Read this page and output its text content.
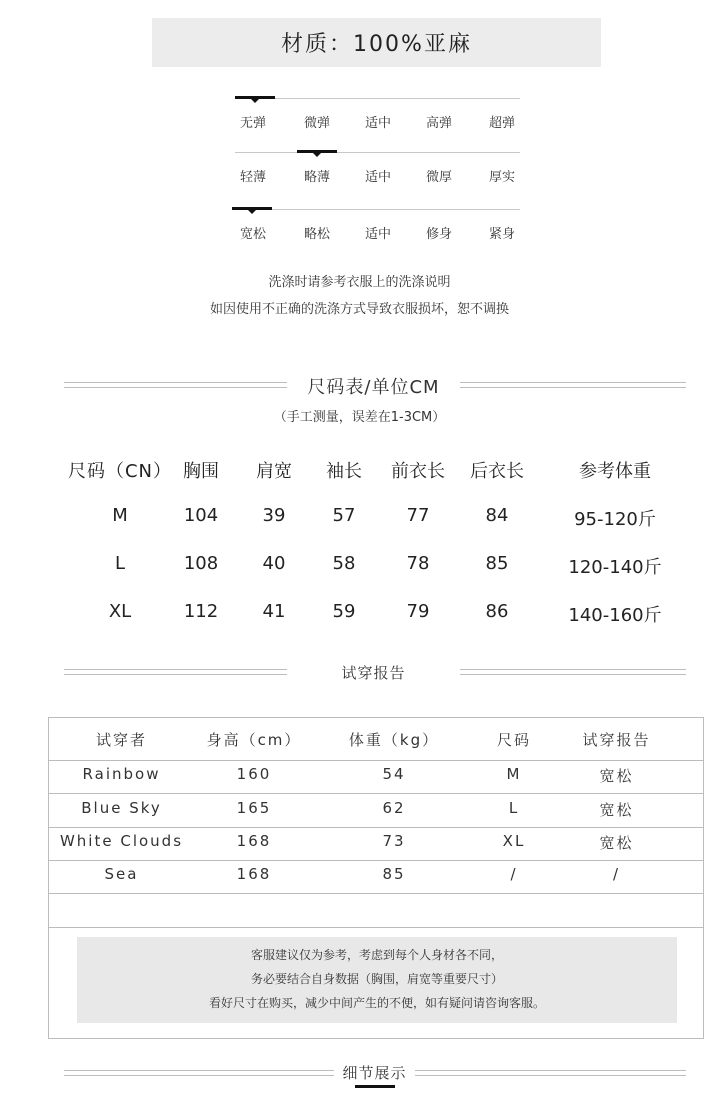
材质：100%亚麻
无弹	微弹	适中	高弹	超弹
轻薄	略薄	适中	微厚	厚实
宽松	略松	适中	修身	紧身
洗涤时请参考衣服上的洗涤说明
如因使用不正确的洗涤方式导致衣服损坏，恕不调换
尺码表/单位CM
（手工测量，误差在1-3CM）
尺码（CN） 胸围	肩宽	袖长	前衣长	后衣长	参考体重
M	104	39	57	77	84	95-120斤
L	108	40	58	78	85	120-140斤
XL	112	41	59	79	86	140-160斤
试穿报告
试穿者	身高（cm）	体重（kg）	尺码	试穿报告
Rainbow	160	54	M	宽松
Blue Sky	165	62	L	宽松
White Clouds	168	73	XL	宽松
Sea	168	85	/	/
客服建议仅为参考，考虑到每个人身材各不同，
务必要结合自身数据（胸围，肩宽等重要尺寸）
看好尺寸在购买，减少中间产生的不便，如有疑问请咨询客服。
细节展示
